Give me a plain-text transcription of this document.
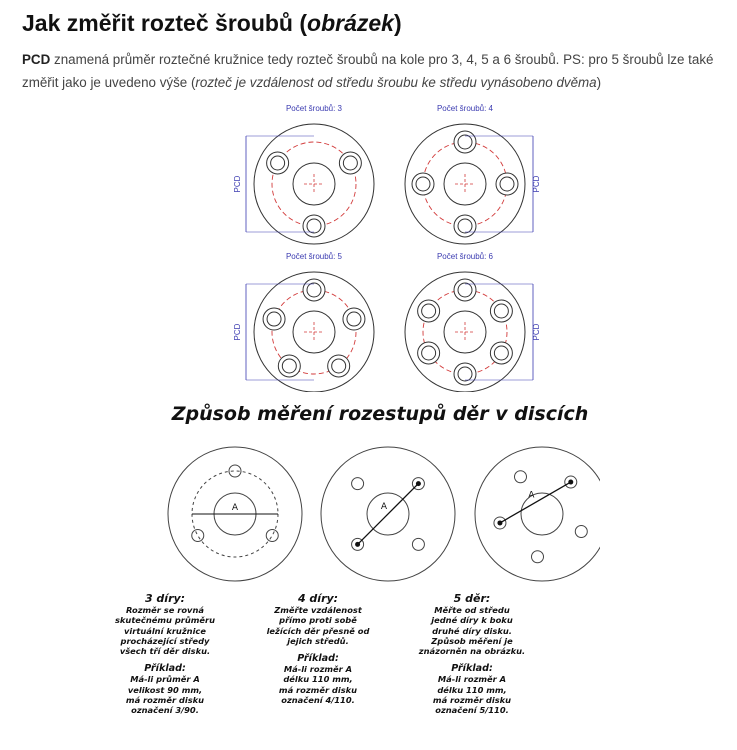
Jak změřit rozteč šroubů (obrázek)

PCD znamená průměr roztečné kružnice tedy rozteč šroubů na kole pro 3, 4, 5 a 6 šroubů. PS: pro 5 šroubů lze také změřit jako je uvedeno výše (rozteč je vzdálenost od středu šroubu ke středu vynásobeno dvěma)

Počet šroubů: 3
PCD
Počet šroubů: 4
PCD
Počet šroubů: 5
PCD
Počet šroubů: 6
PCD
Způsob měření rozestupů děr v discích
A	A
A
3 díry:
Rozměr se rovná
skutečnému průměru
virtuální kružnice
procházející středy
všech tří děr disku.
Příklad:
Má-li průměr A
velikost 90 mm,
má rozměr disku
označení 3/90.
4 díry:
Změřte vzdálenost
přímo proti sobě
ležících děr přesně od
jejich středů.
Příklad:
Má-li rozměr A
délku 110 mm,
má rozměr disku
označení 4/110.
5 děr:
Měřte od středu
jedné díry k boku
druhé díry disku.
Způsob měření je
znázorněn na obrázku.
Příklad:
Má-li rozměr A
délku 110 mm,
má rozměr disku
označení 5/110.
